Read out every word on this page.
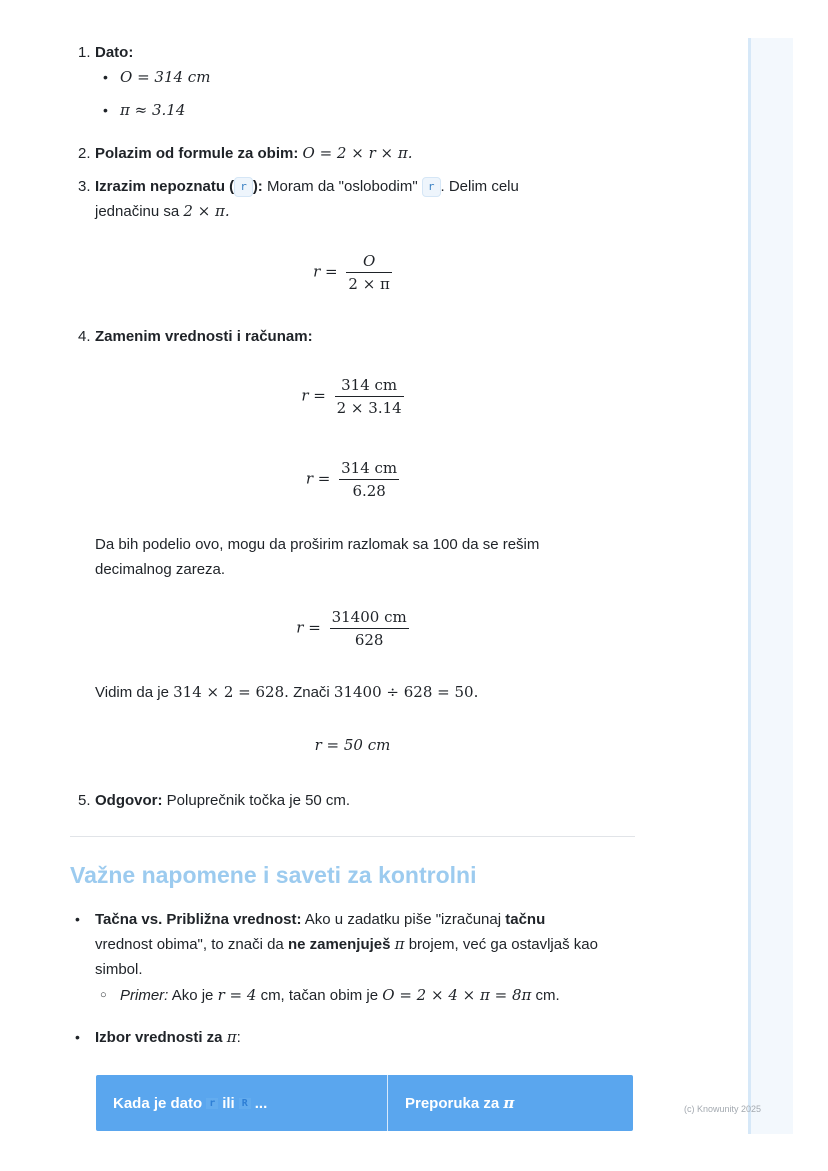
1. Dato:
• O = 314 cm
• π ≈ 3.14
2. Polazim od formule za obim: O = 2 × r × π.
3. Izrazim nepoznatu ( r ): Moram da "oslobodim" r . Delim celu
jednačinu sa 2 × π.
$r = \frac{O}{2 \times \pi}$
4. Zamenim vrednosti i računam:
$r = \frac{314 cm}{2 \times 3.14}$
$r = \frac{314 cm}{6.28}$
Da bih podelio ovo, mogu da proširim razlomak sa 100 da se rešim decimalnog zareza.
$r = \frac{31400 cm}{628}$
Vidim da je 314 × 2 = 628. Znači 31400 ÷ 628 = 50.
r = 50 cm
5. Odgovor: Poluprečnik točka je 50 cm.
Važne napomene i saveti za kontrolni
• Tačna vs. Približna vrednost: Ako u zadatku piše "izračunaj tačnu
vrednost obima", to znači da ne zamenjuješ π brojem, već ga ostavljaš kao
simbol.
○ Primer: Ako je r = 4 cm, tačan obim je O = 2 × 4 × π = 8π cm.
• Izbor vrednosti za π:
Kada je dato r ili R ...	Preporuka za
π	(c) Knowunity 2025
